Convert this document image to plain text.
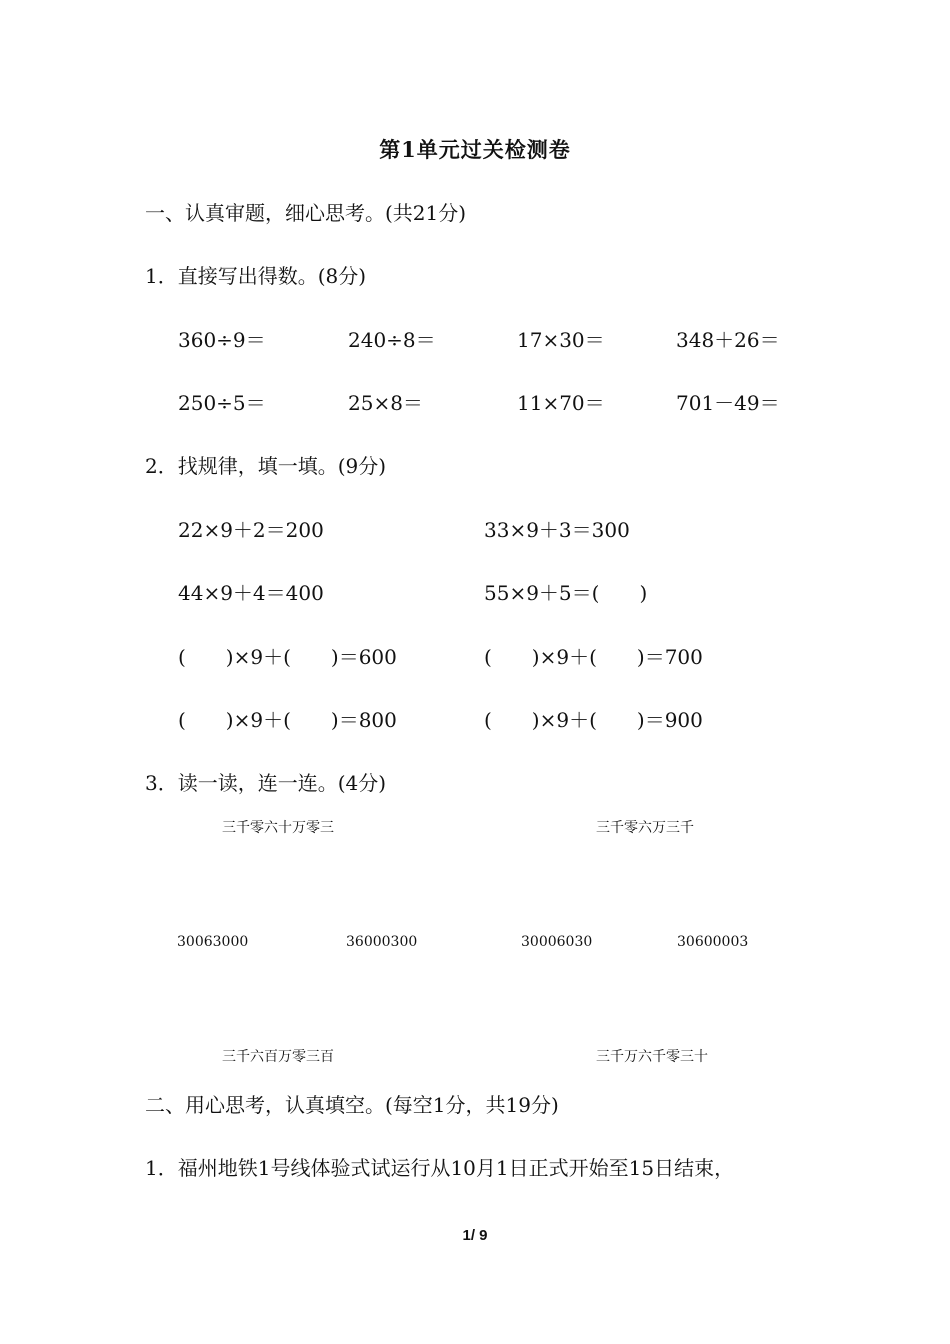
第1单元过关检测卷
一、认真审题，细心思考。(共21分)
1．直接写出得数。(8分)
360÷9＝	240÷8＝	17×30＝	348＋26＝
250÷5＝	25×8＝	11×70＝	701－49＝
2．找规律，填一填。(9分)
22×9＋2＝200	33×9＋3＝300
44×9＋4＝400	55×9＋5＝(　　)
(　　)×9＋(　　)＝600	(　　)×9＋(　　)＝700
(　　)×9＋(　　)＝800	(　　)×9＋(　　)＝900
3．读一读，连一连。(4分)
三千零六十万零三	三千零六万三千
30063000	36000300	30006030	30600003
三千六百万零三百	三千万六千零三十
二、用心思考，认真填空。(每空1分，共19分)
1．福州地铁1号线体验式试运行从10月1日正式开始至15日结束，
1/ 9
